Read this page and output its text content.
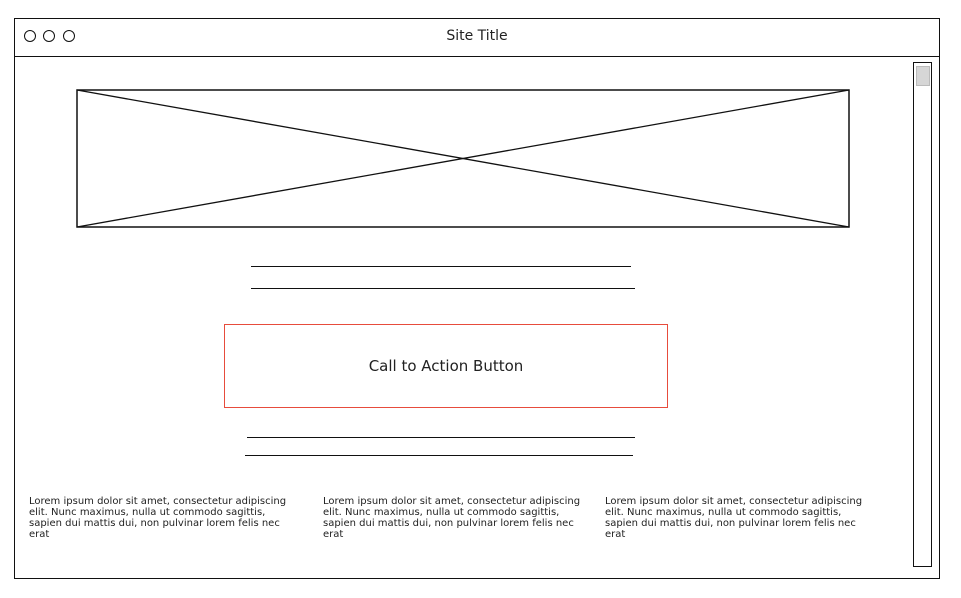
Site Title
Call to Action Button
Lorem ipsum dolor sit amet, consectetur adipiscing elit. Nunc maximus, nulla ut commodo sagittis, sapien dui mattis dui, non pulvinar lorem felis nec erat
Lorem ipsum dolor sit amet, consectetur adipiscing elit. Nunc maximus, nulla ut commodo sagittis, sapien dui mattis dui, non pulvinar lorem felis nec erat
Lorem ipsum dolor sit amet, consectetur adipiscing elit. Nunc maximus, nulla ut commodo sagittis, sapien dui mattis dui, non pulvinar lorem felis nec erat
